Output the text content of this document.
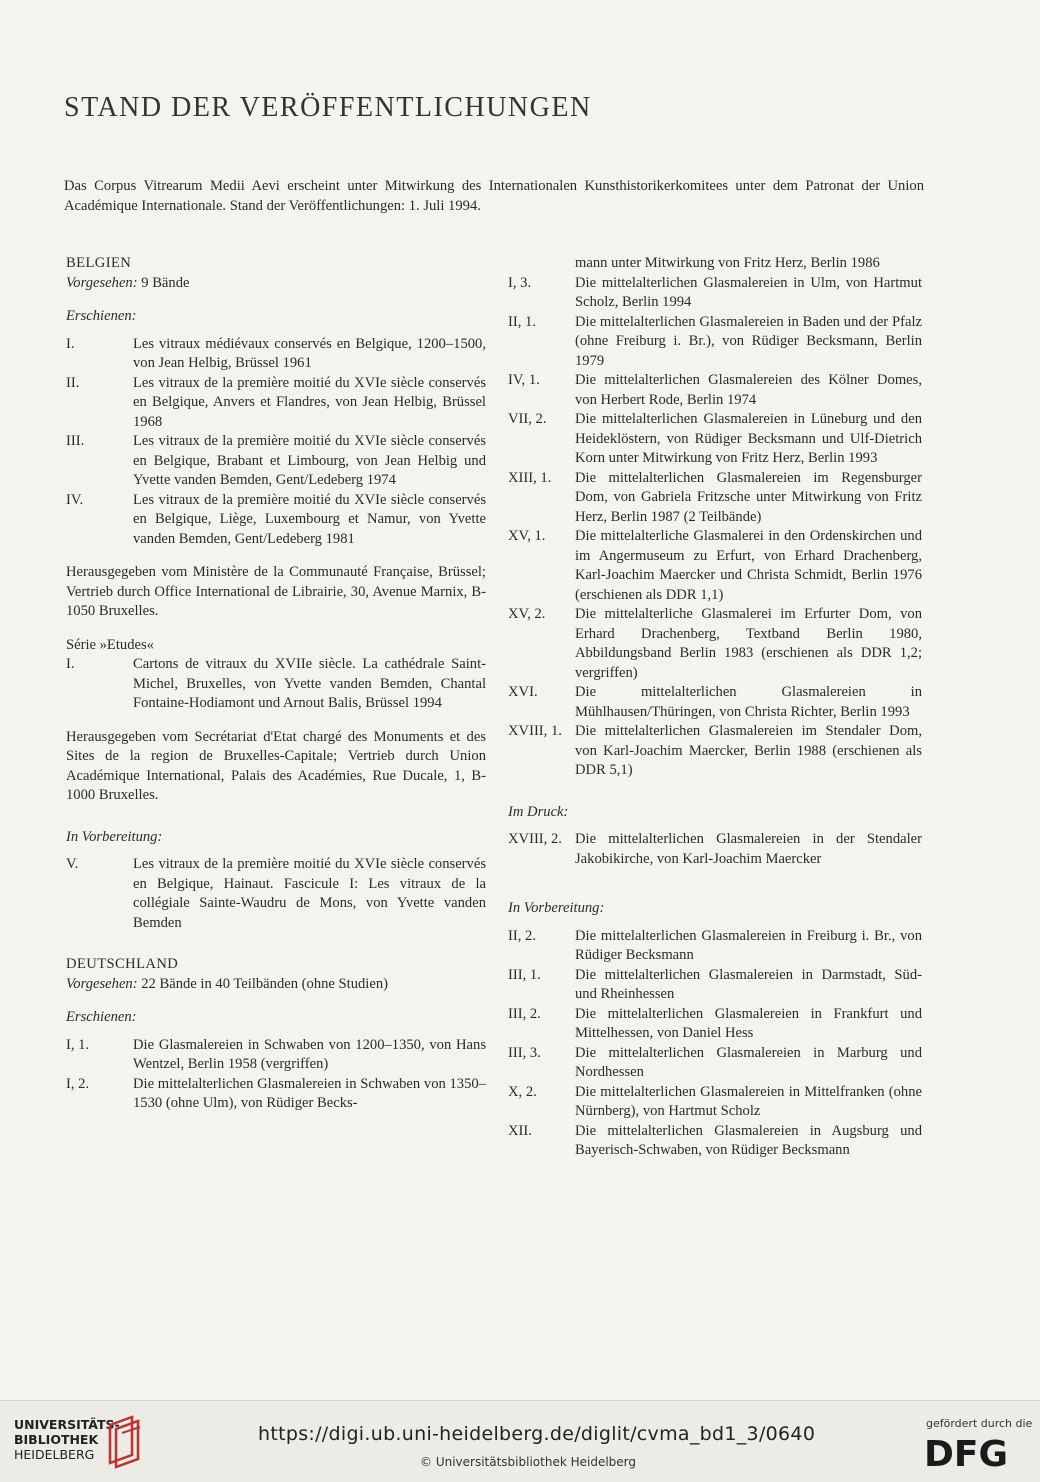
STAND DER VERÖFFENTLICHUNGEN

Das Corpus Vitrearum Medii Aevi erscheint unter Mitwirkung des Internationalen Kunsthistorikerkomitees unter dem Patronat der Union Académique Internationale. Stand der Veröffentlichungen: 1. Juli 1994.

BELGIEN

Vorgesehen: 9 Bände

Erschienen:

I.	Les vitraux médiévaux conservés en Belgique, 1200–1500, von Jean Helbig, Brüssel 1961
II.	Les vitraux de la première moitié du XVIe siècle conservés en Belgique, Anvers et Flandres, von Jean Helbig, Brüssel 1968
III.	Les vitraux de la première moitié du XVIe siècle conservés en Belgique, Brabant et Limbourg, von Jean Helbig und Yvette vanden Bemden, Gent/Ledeberg 1974
IV.	Les vitraux de la première moitié du XVIe siècle conservés en Belgique, Liège, Luxembourg et Namur, von Yvette vanden Bemden, Gent/Ledeberg 1981

Herausgegeben vom Ministère de la Communauté Française, Brüssel; Vertrieb durch Office International de Librairie, 30, Avenue Marnix, B-1050 Bruxelles.

Série »Etudes«

I.	Cartons de vitraux du XVIIe siècle. La cathédrale Saint-Michel, Bruxelles, von Yvette vanden Bemden, Chantal Fontaine-Hodiamont und Arnout Balis, Brüssel 1994

Herausgegeben vom Secrétariat d'Etat chargé des Monuments et des Sites de la region de Bruxelles-Capitale; Vertrieb durch Union Académique International, Palais des Académies, Rue Ducale, 1, B-1000 Bruxelles.

In Vorbereitung:

V.	Les vitraux de la première moitié du XVIe siècle conservés en Belgique, Hainaut. Fascicule I: Les vitraux de la collégiale Sainte-Waudru de Mons, von Yvette vanden Bemden

DEUTSCHLAND

Vorgesehen: 22 Bände in 40 Teilbänden (ohne Studien)

Erschienen:

I, 1.	Die Glasmalereien in Schwaben von 1200–1350, von Hans Wentzel, Berlin 1958 (vergriffen)
I, 2.	Die mittelalterlichen Glasmalereien in Schwaben von 1350–1530 (ohne Ulm), von Rüdiger Becks-
mann unter Mitwirkung von Fritz Herz, Berlin 1986
I, 3.	Die mittelalterlichen Glasmalereien in Ulm, von Hartmut Scholz, Berlin 1994
II, 1.	Die mittelalterlichen Glasmalereien in Baden und der Pfalz (ohne Freiburg i. Br.), von Rüdiger Becksmann, Berlin 1979
IV, 1.	Die mittelalterlichen Glasmalereien des Kölner Domes, von Herbert Rode, Berlin 1974
VII, 2.	Die mittelalterlichen Glasmalereien in Lüneburg und den Heideklöstern, von Rüdiger Becksmann und Ulf-Dietrich Korn unter Mitwirkung von Fritz Herz, Berlin 1993
XIII, 1.	Die mittelalterlichen Glasmalereien im Regensburger Dom, von Gabriela Fritzsche unter Mitwirkung von Fritz Herz, Berlin 1987 (2 Teilbände)
XV, 1.	Die mittelalterliche Glasmalerei in den Ordenskirchen und im Angermuseum zu Erfurt, von Erhard Drachenberg, Karl-Joachim Maercker und Christa Schmidt, Berlin 1976 (erschienen als DDR 1,1)
XV, 2.	Die mittelalterliche Glasmalerei im Erfurter Dom, von Erhard Drachenberg, Textband Berlin 1980, Abbildungsband Berlin 1983 (erschienen als DDR 1,2; vergriffen)
XVI.	Die mittelalterlichen Glasmalereien in Mühlhausen/Thüringen, von Christa Richter, Berlin 1993
XVIII, 1. Die mittelalterlichen Glasmalereien im Stendaler Dom, von Karl-Joachim Maercker, Berlin 1988 (erschienen als DDR 5,1)

Im Druck:

XVIII, 2. Die mittelalterlichen Glasmalereien in der Stendaler Jakobikirche, von Karl-Joachim Maercker

In Vorbereitung:

II, 2.	Die mittelalterlichen Glasmalereien in Freiburg i. Br., von Rüdiger Becksmann
III, 1.	Die mittelalterlichen Glasmalereien in Darmstadt, Süd- und Rheinhessen
III, 2.	Die mittelalterlichen Glasmalereien in Frankfurt und Mittelhessen, von Daniel Hess
III, 3.	Die mittelalterlichen Glasmalereien in Marburg und Nordhessen
X, 2.	Die mittelalterlichen Glasmalereien in Mittelfranken (ohne Nürnberg), von Hartmut Scholz
XII.	Die mittelalterlichen Glasmalereien in Augsburg und Bayerisch-Schwaben, von Rüdiger Becksmann
UNIVERSITÄTS-
BIBLIOTHEK
HEIDELBERG
https://digi.ub.uni-heidelberg.de/diglit/cvma_bd1_3/0640
© Universitätsbibliothek Heidelberg
gefördert durch die
DFG
